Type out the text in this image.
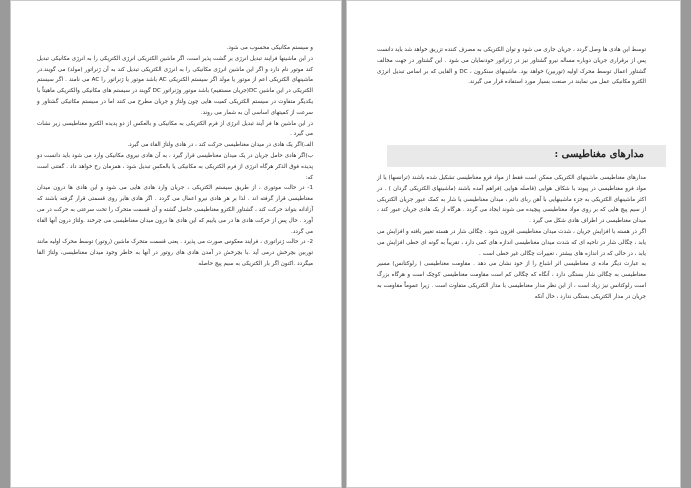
و سیستم مکانیکی محسوب می شود.

در این ماشینها فرایند تبدیل انرژی بر گشت پذیر است، اگر ماشین الکتریکی انرژی الکتریکی را به انرژی مکانیکی تبدیل کند موتور نام دارد و اگر این ماشین انرژی مکانیکی را به انرژی الکتریکی تبدیل کند به آن ژنراتور (مولد) می گویند.در ماشینهای الکتریکی اعم از موتور یا مولد اگر سیستم الکتریکی AC باشد موتور یا ژنراتور را AC می نامند . اگر سیستم الکتریکی در این ماشین DC(جریان مستقیم) باشد موتور وژنراتور DC گویند در سیستم های مکانیکی والکتریکی ماهیتاً با یکدیگر متفاوت در سیستم الکتریکی کمیت هایی چون ولتاژ و جریان مطرح می کنند اما در سیستم مکانیکی گشتاور و سرعت از کمیتهای اساسی آن به شمار می روند.

در این ماشین ها فر آیند تبدیل انرژی از فرم الکتریکی به مکانیکی و بالعکس از دو پدیده الکترو مغناطیسی زیر نشات می گیرد .

الف)اگر یک هادی در میدان مغناطیسی حرکت کند ، در هادی ولتاژ القاء می گیرد.

ب)اگر هادی حامل جریان در یک میدان مغناطیسی قرار گیرد ، به آن هادی نیروی مکانیکی وارد می شود باید دانست دو پدیده فوق الذکر هرگاه انرژی از فرم الکتریکی به مکانیکی یا بالعکس تبدیل شود ، همزمان رخ خواهد داد . گفتنی است که:

1- در حالت موتوری ، از طریق سیستم الکتریکی ، جریان وارد هادی هایی می شود و این هادی ها درون میدان مغناطیسی قرار گرفته اند . لذا بر هر هادی نیرو اعمال می گردد . اگر هادی هابر روی قسمتی قرار گرفته باشند که آزادانه بتواند حرکت کند ، گشتاور الکترو مغناطیسی حاصل گشته و آن قسمت متحرک را تحت سرعتی به حرکت در می آورد . حال پس از حرکت هادی ها در می یابیم که این هادی ها درون میدان مغناطیسی می چرخند .ولتاژ درون آنها القاء می گردد.

2- در حالت ژنراتوری ، فرایند معکوس صورت می پذیرد . یعنی قسمت متحرک ماشین (روتور) توسط محرک اولیه مانند توربین بچرخش درمی آید .با بچرخش در آمدن هادی های روتور در آنها به خاطر وجود میدان مغناطیسی، ولتاژ القا میگردد .اکنون اگر بار الکتریکی به سیم پیچ حاصله

توسط این هادی ها وصل گردد ، جریان جاری می شود و توان الکتریکی به مصرف کننده تزریق خواهد شد باید دانست پس از برقراری جریان دوباره مساله نیرو گشتاور نیز در ژنراتور خودنمایان می شود . این گشتاور در جهت مخالف گشتاور اعمال توسط محرک اولیه (توربین) خواهد بود. ماشینهای سنکرون ، DC و القایی که بر اساس تبدیل انرژی الکترو مکانیکی عمل می نمایند در صنعت بسیار مورد استفاده قرار می گیرند.

مدارهای مغناطیسی :

مدارهای مغناطیسی ماشینهای الکتریکی ممکن است فقط از مواد فرو مغناطیسی تشکیل شده باشند (ترانسها) یا از مواد فرو مغناطیسی در پیوند با شکاف هوایی (فاصله هوایی )فراهم آمده باشند (ماشینهای الکتریکی گردان ) . در اکثر ماشینهای الکتریکی به جزء ماشینهایی با آهن ربای دائم ، میدان مغناطیسی یا شار به کمک عبور جریان الکتریکی از سیم پیچ هایی که بر روی مواد مغناطیسی پیچیده می شوند ایجاد می گردد . هرگاه از یک هادی جریان عبور کند ، میدان مغناطیسی در اطراف هادی شکل می گیرد .

اگر در هسته با افزایش جریان ، شدت میدان مغناطیسی افزون شود . چگالی شار در هسته تغییر یافته و افزایش می یابد ، چگالی شار در ناحیه ای که شدت میدان مغناطیسی اندازه های کمی دارد ، تقریباً به گونه ای خطی افزایش می یابد ، در حالی که در اندازه های بیشتر ، تغییرات چگالی غیر خطی است .

به عبارت دیگر ماده ی مغناطیسی اثر اشباع را از خود نشان می دهد . مقاومت مغناطیسی ( رلوکتانس) مسیر مغناطیسی به چگالی شار بستگی دارد ، آنگاه که چگالی کم است مقاومت مغناطیسی کوچک است و هرگاه بزرگ است رلوکتانس نیز زیاد است ، از این نظر مدار مغناطیسی با مدار الکتریکی متفاوت است . زیرا عموماً مقاومت به جریان در مدار الکتریکی بستگی ندارد ، حال آنکه
